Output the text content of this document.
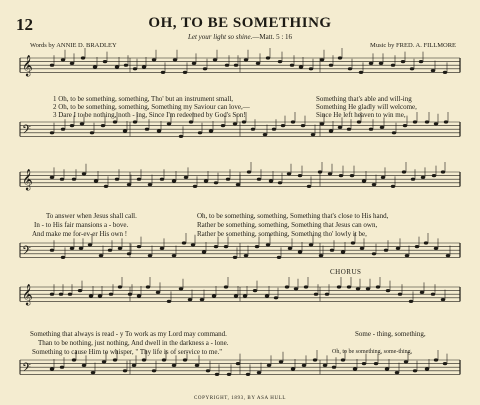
12	OH, TO BE SOMETHING
Let your light so shine.—Matt. 5 : 16
Words by ANNIE D. BRADLEY	Music by FRED. A. FILLMORE
𝄞
𝄢
𝄞
𝄢
𝄞
𝄢
1 Oh, to be something, something, Tho' but an instrument small,
2 Oh, to be something, something, Something my Saviour can love,—
3 Dare I to be nothing, noth - ing, Since I'm redeemed by God's Son!
Something that's able and will-ing
Something He gladly will welcome,
Since He left heaven to win me,
To answer when Jesus shall call.
In - to His fair mansions a - bove.
And make me for-ev-er His own !
Oh, to be something, something, Something that's close to His hand,
Rather be something, something, Something that Jesus can own,
Rather be something, something, Something tho' lowly it be,
CHORUS
Something that always is read - y To work as my Lord may command.
Than to be nothing, just nothing, And dwell in the darkness a - lone.
Something to cause Him to whisper, " Thy life is of ser-vice to me."
Some - thing, something,
Oh, to be something, some-thing,
COPYRIGHT, 1893, BY ASA HULL
